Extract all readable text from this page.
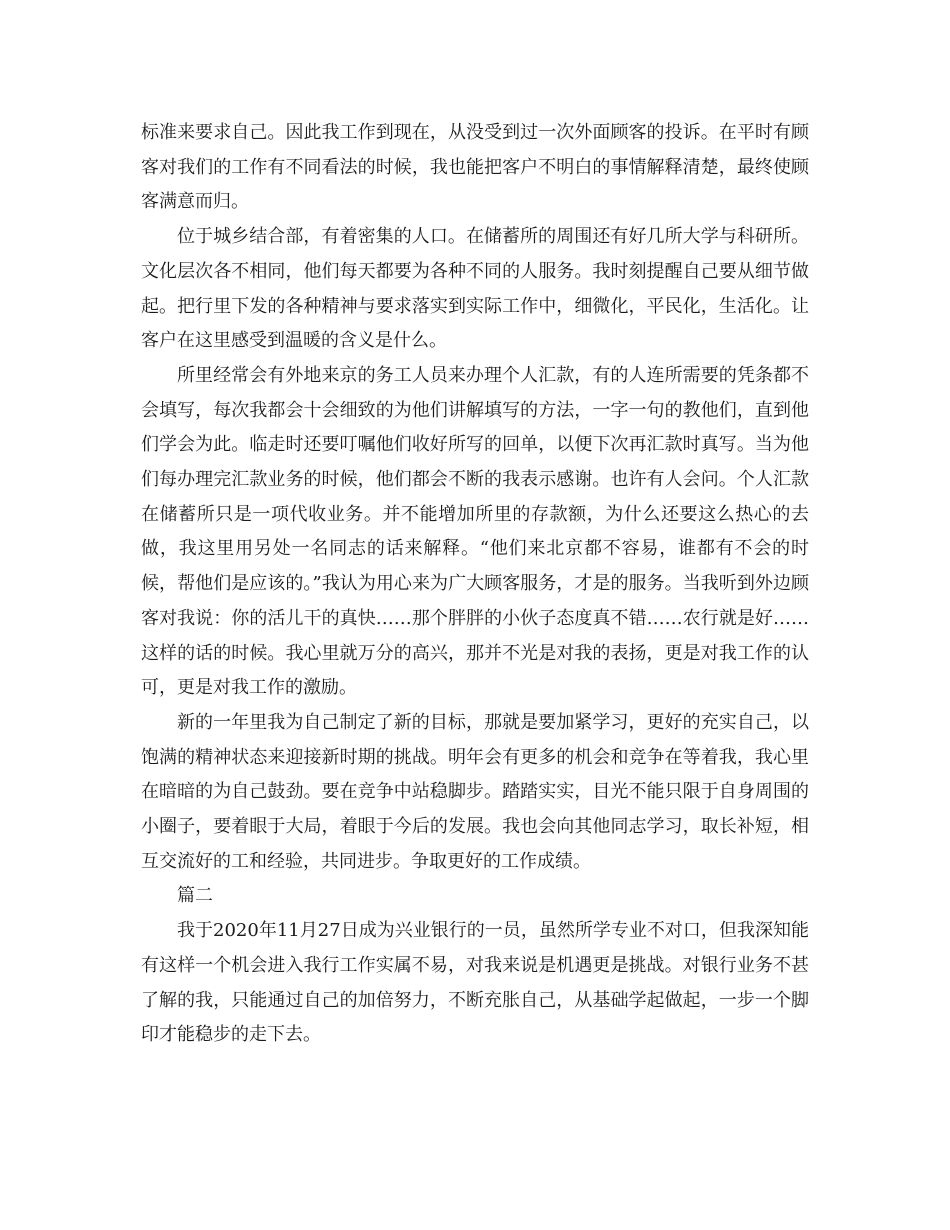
标准来要求自己。因此我工作到现在，从没受到过一次外面顾客的投诉。在平时有顾客对我们的工作有不同看法的时候，我也能把客户不明白的事情解释清楚，最终使顾客满意而归。

位于城乡结合部，有着密集的人口。在储蓄所的周围还有好几所大学与科研所。文化层次各不相同，他们每天都要为各种不同的人服务。我时刻提醒自己要从细节做起。把行里下发的各种精神与要求落实到实际工作中，细微化，平民化，生活化。让客户在这里感受到温暖的含义是什么。

所里经常会有外地来京的务工人员来办理个人汇款，有的人连所需要的凭条都不会填写，每次我都会十会细致的为他们讲解填写的方法，一字一句的教他们，直到他们学会为此。临走时还要叮嘱他们收好所写的回单，以便下次再汇款时真写。当为他们每办理完汇款业务的时候，他们都会不断的我表示感谢。也许有人会问。个人汇款在储蓄所只是一项代收业务。并不能增加所里的存款额，为什么还要这么热心的去做，我这里用另处一名同志的话来解释。“他们来北京都不容易，谁都有不会的时候，帮他们是应该的。”我认为用心来为广大顾客服务，才是的服务。当我听到外边顾客对我说：你的活儿干的真快……那个胖胖的小伙子态度真不错……农行就是好……这样的话的时候。我心里就万分的高兴，那并不光是对我的表扬，更是对我工作的认可，更是对我工作的激励。

新的一年里我为自己制定了新的目标，那就是要加紧学习，更好的充实自己，以饱满的精神状态来迎接新时期的挑战。明年会有更多的机会和竞争在等着我，我心里在暗暗的为自己鼓劲。要在竞争中站稳脚步。踏踏实实，目光不能只限于自身周围的小圈子，要着眼于大局，着眼于今后的发展。我也会向其他同志学习，取长补短，相互交流好的工和经验，共同进步。争取更好的工作成绩。

篇二

我于2020年11月27日成为兴业银行的一员，虽然所学专业不对口，但我深知能有这样一个机会进入我行工作实属不易，对我来说是机遇更是挑战。对银行业务不甚了解的我，只能通过自己的加倍努力，不断充胀自己，从基础学起做起，一步一个脚印才能稳步的走下去。
